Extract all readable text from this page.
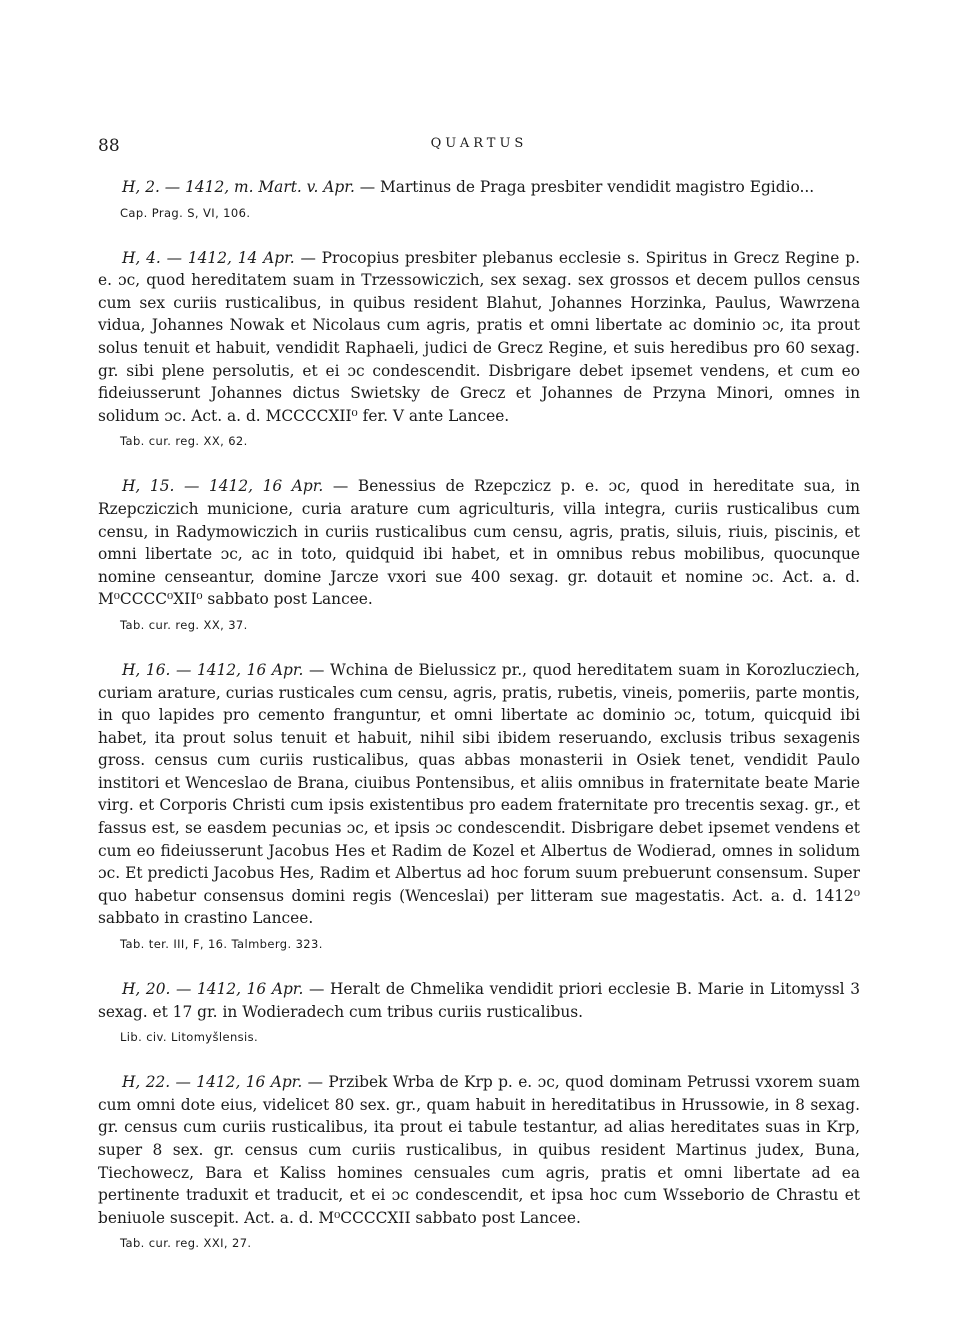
88	QUARTUS

H, 2. — 1412, m. Mart. v. Apr. — Martinus de Praga presbiter vendidit magistro Egidio...

Cap. Prag. S, VI, 106.

H, 4. — 1412, 14 Apr. — Procopius presbiter plebanus ecclesie s. Spiritus in Grecz Regine p. e. ɔc, quod hereditatem suam in Trzessowiczich, sex sexag. sex grossos et decem pullos census cum sex curiis rusticalibus, in quibus resident Blahut, Johannes Horzinka, Paulus, Wawrzena vidua, Johannes Nowak et Nicolaus cum agris, pratis et omni libertate ac dominio ɔc, ita prout solus tenuit et habuit, vendidit Raphaeli, judici de Grecz Regine, et suis heredibus pro 60 sexag. gr. sibi plene persolutis, et ei ɔc condescendit. Disbrigare debet ipsemet vendens, et cum eo fideiusserunt Johannes dictus Swietsky de Grecz et Johannes de Przyna Minori, omnes in solidum ɔc. Act. a. d. MCCCCXII⁰ fer. V ante Lancee.

Tab. cur. reg. XX, 62.

H, 15. — 1412, 16 Apr. — Benessius de Rzepczicz p. e. ɔc, quod in hereditate sua, in Rzepcziczich municione, curia arature cum agriculturis, villa integra, curiis rusticalibus cum censu, in Radymowiczich in curiis rusticalibus cum censu, agris, pratis, siluis, riuis, piscinis, et omni libertate ɔc, ac in toto, quidquid ibi habet, et in omnibus rebus mobilibus, quocunque nomine censeantur, domine Jarcze vxori sue 400 sexag. gr. dotauit et nomine ɔc. Act. a. d. M⁰CCCC⁰XII⁰ sabbato post Lancee.

Tab. cur. reg. XX, 37.

H, 16. — 1412, 16 Apr. — Wchina de Bielussicz pr., quod hereditatem suam in Korozlucziech, curiam arature, curias rusticales cum censu, agris, pratis, rubetis, vineis, pomeriis, parte montis, in quo lapides pro cemento franguntur, et omni libertate ac dominio ɔc, totum, quicquid ibi habet, ita prout solus tenuit et habuit, nihil sibi ibidem reseruando, exclusis tribus sexagenis gross. census cum curiis rusticalibus, quas abbas monasterii in Osiek tenet, vendidit Paulo institori et Wenceslao de Brana, ciuibus Pontensibus, et aliis omnibus in fraternitate beate Marie virg. et Corporis Christi cum ipsis existentibus pro eadem fraternitate pro trecentis sexag. gr., et fassus est, se easdem pecunias ɔc, et ipsis ɔc condescendit. Disbrigare debet ipsemet vendens et cum eo fideiusserunt Jacobus Hes et Radim de Kozel et Albertus de Wodierad, omnes in solidum ɔc. Et predicti Jacobus Hes, Radim et Albertus ad hoc forum suum prebuerunt consensum. Super quo habetur consensus domini regis (Wenceslai) per litteram sue magestatis. Act. a. d. 1412⁰ sabbato in crastino Lancee.

Tab. ter. III, F, 16. Talmberg. 323.

H, 20. — 1412, 16 Apr. — Heralt de Chmelika vendidit priori ecclesie B. Marie in Litomyssl 3 sexag. et 17 gr. in Wodieradech cum tribus curiis rusticalibus.

Lib. civ. Litomyšlensis.

H, 22. — 1412, 16 Apr. — Przibek Wrba de Krp p. e. ɔc, quod dominam Petrussi vxorem suam cum omni dote eius, videlicet 80 sex. gr., quam habuit in hereditatibus in Hrussowie, in 8 sexag. gr. census cum curiis rusticalibus, ita prout ei tabule testantur, ad alias hereditates suas in Krp, super 8 sex. gr. census cum curiis rusticalibus, in quibus resident Martinus judex, Buna, Tiechowecz, Bara et Kaliss homines censuales cum agris, pratis et omni libertate ad ea pertinente traduxit et traducit, et ei ɔc condescendit, et ipsa hoc cum Wsseborio de Chrastu et beniuole suscepit. Act. a. d. M⁰CCCCXII sabbato post Lancee.

Tab. cur. reg. XXI, 27.
